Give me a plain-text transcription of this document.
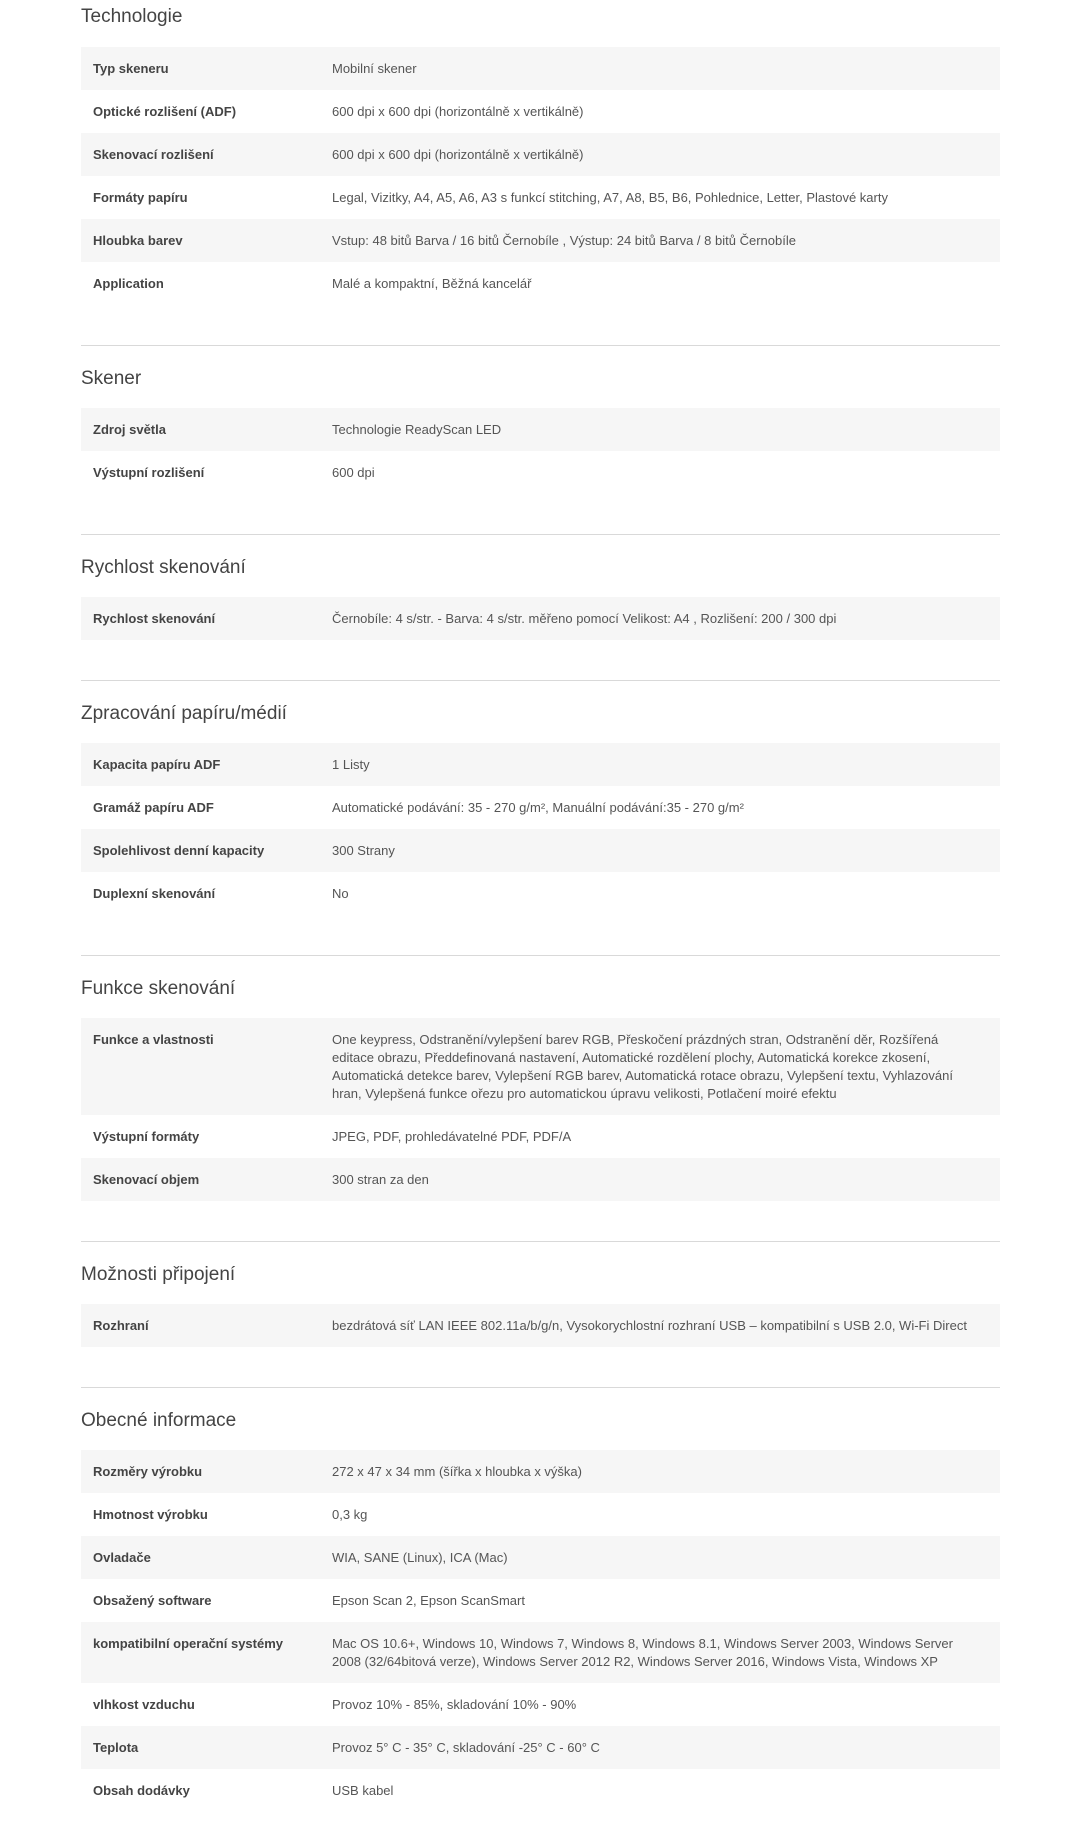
Technologie
Typ skeneru	Mobilní skener
Optické rozlišení (ADF)	600 dpi x 600 dpi (horizontálně x vertikálně)
Skenovací rozlišení	600 dpi x 600 dpi (horizontálně x vertikálně)
Formáty papíru	Legal, Vizitky, A4, A5, A6, A3 s funkcí stitching, A7, A8, B5, B6, Pohlednice, Letter, Plastové karty
Hloubka barev	Vstup: 48 bitů Barva / 16 bitů Černobíle , Výstup: 24 bitů Barva / 8 bitů Černobíle
Application	Malé a kompaktní, Běžná kancelář
Skener
Zdroj světla	Technologie ReadyScan LED
Výstupní rozlišení	600 dpi
Rychlost skenování
Rychlost skenování	Černobíle: 4 s/str. - Barva: 4 s/str. měřeno pomocí Velikost: A4 , Rozlišení: 200 / 300 dpi
Zpracování papíru/médií
Kapacita papíru ADF	1 Listy
Gramáž papíru ADF	Automatické podávání: 35 - 270 g/m², Manuální podávání:35 - 270 g/m²
Spolehlivost denní kapacity	300 Strany
Duplexní skenování	No
Funkce skenování
Funkce a vlastnosti	One keypress, Odstranění/vylepšení barev RGB, Přeskočení prázdných stran, Odstranění děr, Rozšířená editace obrazu, Předdefinovaná nastavení, Automatické rozdělení plochy, Automatická korekce zkosení, Automatická detekce barev, Vylepšení RGB barev, Automatická rotace obrazu, Vylepšení textu, Vyhlazování hran, Vylepšená funkce ořezu pro automatickou úpravu velikosti, Potlačení moiré efektu
Výstupní formáty	JPEG, PDF, prohledávatelné PDF, PDF/A
Skenovací objem	300 stran za den
Možnosti připojení
Rozhraní	bezdrátová síť LAN IEEE 802.11a/b/g/n, Vysokorychlostní rozhraní USB – kompatibilní s USB 2.0, Wi-Fi Direct
Obecné informace
Rozměry výrobku	272 x 47 x 34 mm (šířka x hloubka x výška)
Hmotnost výrobku	0,3 kg
Ovladače	WIA, SANE (Linux), ICA (Mac)
Obsažený software	Epson Scan 2, Epson ScanSmart
kompatibilní operační systémy	Mac OS 10.6+, Windows 10, Windows 7, Windows 8, Windows 8.1, Windows Server 2003, Windows Server 2008 (32/64bitová verze), Windows Server 2012 R2, Windows Server 2016, Windows Vista, Windows XP
vlhkost vzduchu	Provoz 10% - 85%, skladování 10% - 90%
Teplota	Provoz 5° C - 35° C, skladování -25° C - 60° C
Obsah dodávky	USB kabel
